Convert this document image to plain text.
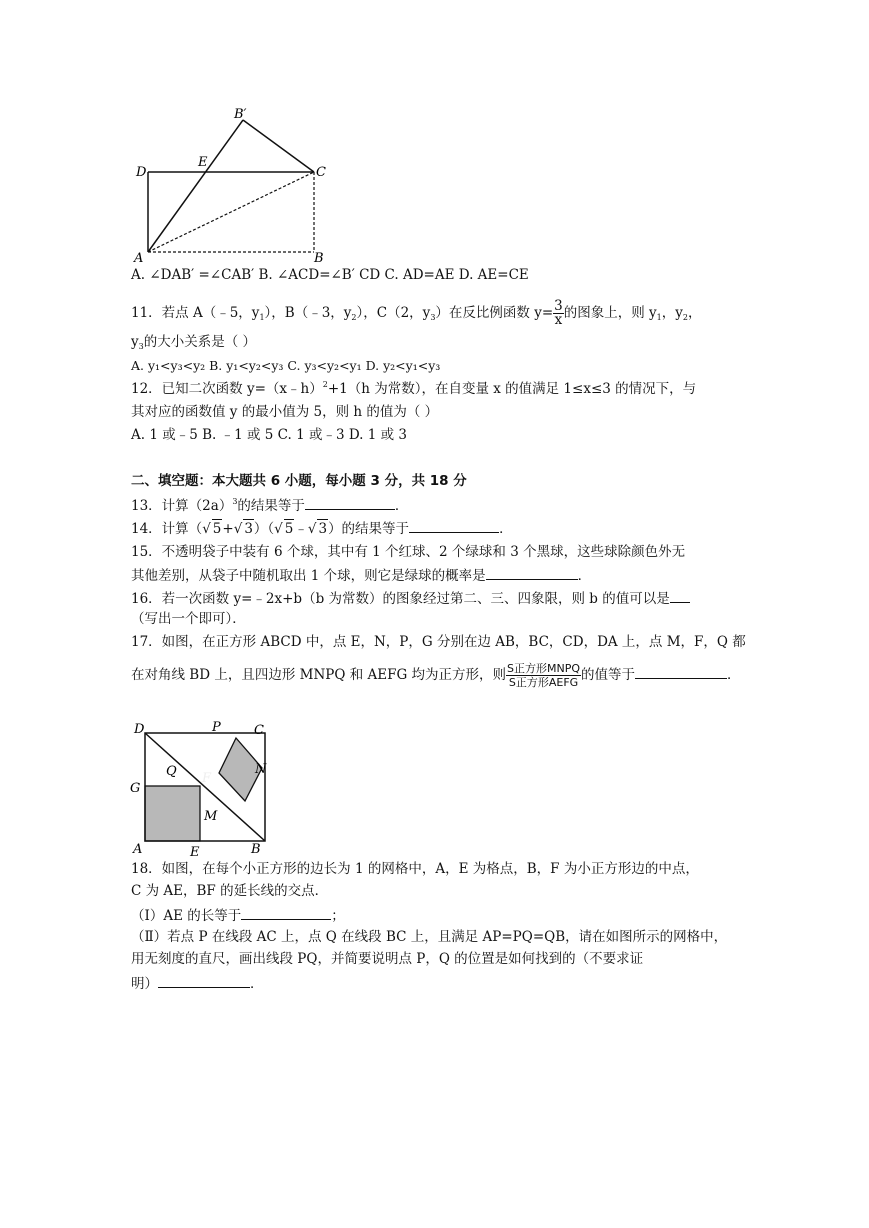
B′
D
E
C
A	B
A. ∠DAB′ =∠CAB′ B. ∠ACD=∠B′ CD C. AD=AE D. AE=CE
11．若点 A（﹣5，$y_1$），B（﹣3，$y_2$），C（2，$y_3$）在反比例函数 $y= \frac{3}{x}$ 的图象上，则 $y_1$，$y_2$，
$y_3$的大小关系是（ ）
A. y₁<y₃<y₂ B. y₁<y₂<y₃ C. y₃<y₂<y₁ D. y₂<y₁<y₃
12．已知二次函数 y=（x﹣h）$^2$+1（h 为常数），在自变量 x 的值满足 1≤x≤3 的情况下，与
其对应的函数值 y 的最小值为 5，则 h 的值为（ ）
A. 1 或﹣5 B. ﹣1 或 5 C. 1 或﹣3 D. 1 或 3
二、填空题：本大题共 6 小题，每小题 3 分，共 18 分
13．计算$(2a)^3$的结果等于	．
14．计算（√ 5+√ 3）（√ 5﹣√ 3）的结果等于	．
15．不透明袋子中装有 6 个球，其中有 1 个红球、2 个绿球和 3 个黑球，这些球除颜色外无
其他差别，从袋子中随机取出 1 个球，则它是绿球的概率是	．
16．若一次函数 y=﹣2x+b（b 为常数）的图象经过第二、三、四象限，则 b 的值可以是
（写出一个即可）．
17．如图，在正方形 ABCD 中，点 E，N，P，G 分别在边 AB，BC，CD，DA 上，点 M，F，Q 都
在对角线 BD 上，且四边形 MNPQ 和 AEFG 均为正方形，则 $\frac{\text{S正方形MNPQ}}{\text{S正方形AEFG}}$ 的值等于	．
D	P	C
Q F
N
G
M
A	E	B
18．如图，在每个小正方形的边长为 1 的网格中，A，E 为格点，B，F 为小正方形边的中点，
C 为 AE，BF 的延长线的交点．
（Ⅰ）AE 的长等于	；
（Ⅱ）若点 P 在线段 AC 上，点 Q 在线段 BC 上，且满足 AP=PQ=QB，请在如图所示的网格中，
用无刻度的直尺，画出线段 PQ，并简要说明点 P，Q 的位置是如何找到的（不要求证
明）	．
